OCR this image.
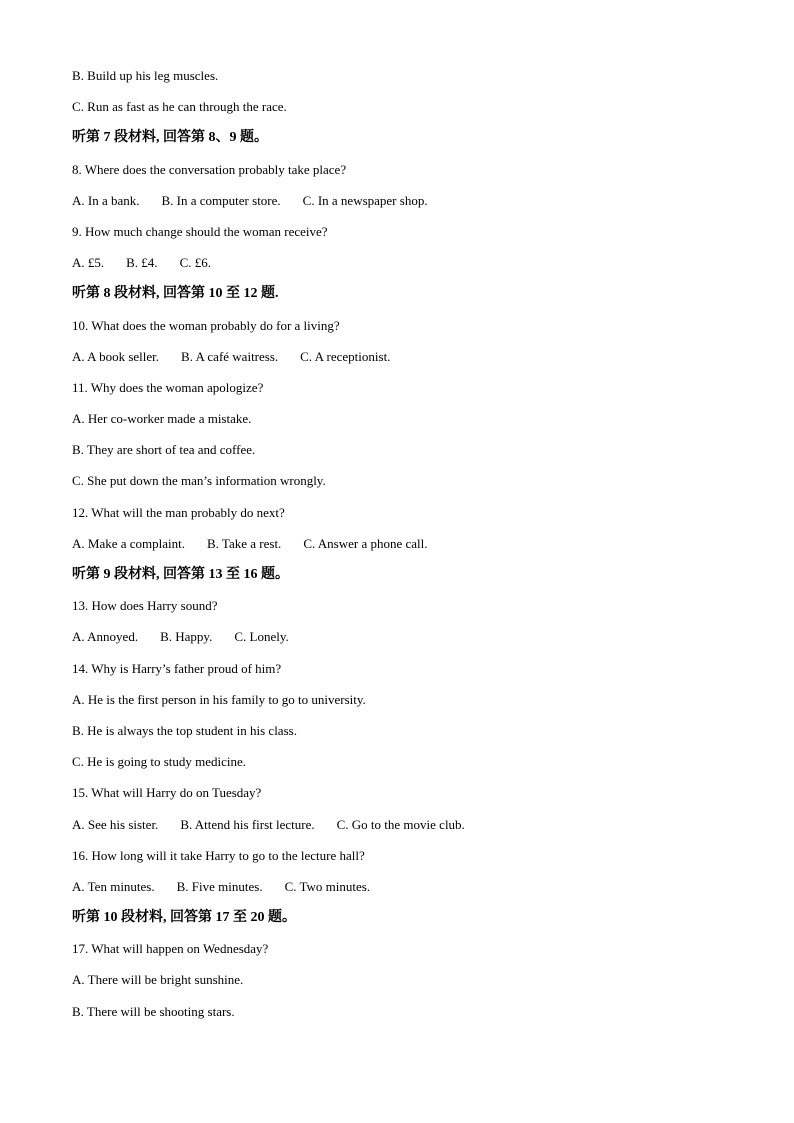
B. Build up his leg muscles.
C. Run as fast as he can through the race.
听第 7 段材料, 回答第 8、9 题。
8. Where does the conversation probably take place?
A. In a bank. B. In a computer store. C. In a newspaper shop.
9. How much change should the woman receive?
A. £5. B. £4. C. £6.
听第 8 段材料, 回答第 10 至 12 题.
10. What does the woman probably do for a living?
A. A book seller. B. A café waitress. C. A receptionist.
11. Why does the woman apologize?
A. Her co-worker made a mistake.
B. They are short of tea and coffee.
C. She put down the man’s information wrongly.
12. What will the man probably do next?
A. Make a complaint. B. Take a rest. C. Answer a phone call.
听第 9 段材料, 回答第 13 至 16 题。
13. How does Harry sound?
A. Annoyed. B. Happy. C. Lonely.
14. Why is Harry’s father proud of him?
A. He is the first person in his family to go to university.
B. He is always the top student in his class.
C. He is going to study medicine.
15. What will Harry do on Tuesday?
A. See his sister. B. Attend his first lecture. C. Go to the movie club.
16. How long will it take Harry to go to the lecture hall?
A. Ten minutes. B. Five minutes. C. Two minutes.
听第 10 段材料, 回答第 17 至 20 题。
17. What will happen on Wednesday?
A. There will be bright sunshine.
B. There will be shooting stars.
